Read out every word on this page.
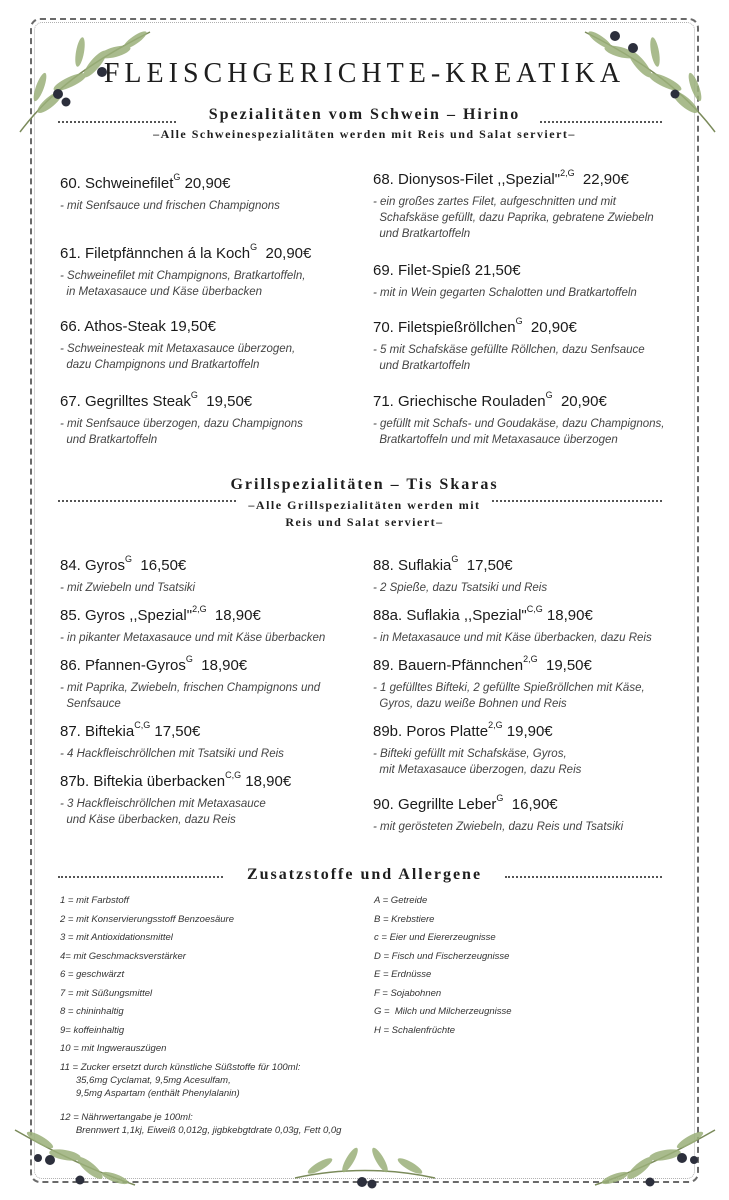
FLEISCHGERICHTE-KREATIKA
Spezialitäten vom Schwein – Hirino
–Alle Schweinespezialitäten werden mit Reis und Salat serviert–
60. Schweinefilet$^G$ 20,90€
- mit Senfsauce und frischen Champignons
61. Filetpfännchen á la Koch$^G$  20,90€
- Schweinefilet mit Champignons, Bratkartoffeln,
in Metaxasauce und Käse überbacken
66. Athos-Steak 19,50€
- Schweinesteak mit Metaxasauce überzogen,
dazu Champignons und Bratkartoffeln
67. Gegrilltes Steak$^G$  19,50€
- mit Senfsauce überzogen, dazu Champignons
und Bratkartoffeln
68. Dionysos-Filet ,,Spezial"$^{2,G}$  22,90€
- ein großes zartes Filet, aufgeschnitten und mit
Schafskäse gefüllt, dazu Paprika, gebratene Zwiebeln
und Bratkartoffeln
69. Filet-Spieß 21,50€
- mit in Wein gegarten Schalotten und Bratkartoffeln
70. Filetspießröllchen$^G$  20,90€
- 5 mit Schafskäse gefüllte Röllchen, dazu Senfsauce
und Bratkartoffeln
71. Griechische Rouladen$^G$  20,90€
- gefüllt mit Schafs- und Goudakäse, dazu Champignons,
Bratkartoffeln und mit Metaxasauce überzogen
Grillspezialitäten – Tis Skaras
–Alle Grillspezialitäten werden mit
Reis und Salat serviert–
84. Gyros$^G$  16,50€
- mit Zwiebeln und Tsatsiki
85. Gyros ,,Spezial"$^{2,G}$  18,90€
- in pikanter Metaxasauce und mit Käse überbacken
86. Pfannen-Gyros$^G$  18,90€
- mit Paprika, Zwiebeln, frischen Champignons und
Senfsauce
87. Biftekia$^{C,G}$ 17,50€
- 4 Hackfleischröllchen mit Tsatsiki und Reis
87b. Biftekia überbacken$^{C,G}$ 18,90€
- 3 Hackfleischröllchen mit Metaxasauce
und Käse überbacken, dazu Reis
88. Suflakia$^G$  17,50€
- 2 Spieße, dazu Tsatsiki und Reis
88a. Suflakia ,,Spezial"$^{C,G}$ 18,90€
- in Metaxasauce und mit Käse überbacken, dazu Reis
89. Bauern-Pfännchen$^{2,G}$  19,50€
- 1 gefülltes Bifteki, 2 gefüllte Spießröllchen mit Käse,
Gyros, dazu weiße Bohnen und Reis
89b. Poros Platte$^{2,G}$ 19,90€
- Bifteki gefüllt mit Schafskäse, Gyros,
mit Metaxasauce überzogen, dazu Reis
90. Gegrillte Leber$^G$  16,90€
- mit gerösteten Zwiebeln, dazu Reis und Tsatsiki
Zusatzstoffe und Allergene
1 = mit Farbstoff
2 = mit Konservierungsstoff Benzoesäure
3 = mit Antioxidationsmittel
4= mit Geschmacksverstärker
6 = geschwärzt
7 = mit Süßungsmittel
8 = chininhaltig
9= koffeinhaltig
10 = mit Ingwerauszügen
11 = Zucker ersetzt durch künstliche Süßstoffe für 100ml:
35,6mg Cyclamat, 9,5mg Acesulfam,
9,5mg Aspartam (enthält Phenylalanin)
12 = Nährwertangabe je 100ml:
Brennwert 1,1kj, Eiweiß 0,012g, jigbkebgtdrate 0,03g, Fett 0,0g
A = Getreide
B = Krebstiere
c = Eier und Eiererzeugnisse
D = Fisch und Fischerzeugnisse
E = Erdnüsse
F = Sojabohnen
G =  Milch und Milcherzeugnisse
H = Schalenfrüchte
